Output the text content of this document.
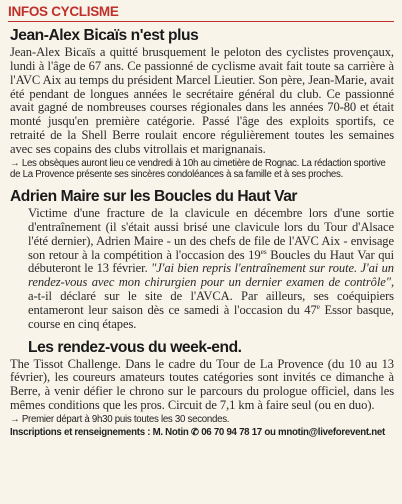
INFOS CYCLISME
Jean-Alex Bicaïs n'est plus

Jean-Alex Bicaïs a quitté brusquement le peloton des cyclistes provençaux, lundi à l'âge de 67 ans. Ce passionné de cyclisme avait fait toute sa carrière à l'AVC Aix au temps du président Marcel Lieutier. Son père, Jean-Marie, avait été pendant de longues années le secrétaire général du club. Ce passionné avait gagné de nombreuses courses régionales dans les années 70-80 et était monté jusqu'en première catégorie. Passé l'âge des exploits sportifs, ce retraité de la Shell Berre roulait encore régulièrement toutes les semaines avec ses copains des clubs vitrollais et marignanais.

→ Les obsèques auront lieu ce vendredi à 10h au cimetière de Rognac. La rédaction sportive de La Provence présente ses sincères condoléances à sa famille et à ses proches.

Adrien Maire sur les Boucles du Haut Var

Victime d'une fracture de la clavicule en décembre lors d'une sortie d'entraînement (il s'était aussi brisé une clavicule lors du Tour d'Alsace l'été dernier), Adrien Maire - un des chefs de file de l'AVC Aix - envisage son retour à la compétition à l'occasion des $19^{es}$ Boucles du Haut Var qui débuteront le 13 février. "J'ai bien repris l'entraînement sur route. J'ai un rendez-vous avec mon chirurgien pour un dernier examen de contrôle", a-t-il déclaré sur le site de l'AVCA. Par ailleurs, ses coéquipiers entameront leur saison dès ce samedi à l'occasion du 47e Essor basque, course en cinq étapes.

Les rendez-vous du week-end.

The Tissot Challenge. Dans le cadre du Tour de La Provence (du 10 au 13 février), les coureurs amateurs toutes catégories sont invités ce dimanche à Berre, à venir défier le chrono sur le parcours du prologue officiel, dans les mêmes conditions que les pros. Circuit de 7,1 km à faire seul (ou en duo).

→ Premier départ à 9h30 puis toutes les 30 secondes.

Inscriptions et renseignements : M. Notin ✆ 06 70 94 78 17 ou mnotin@liveforevent.net
